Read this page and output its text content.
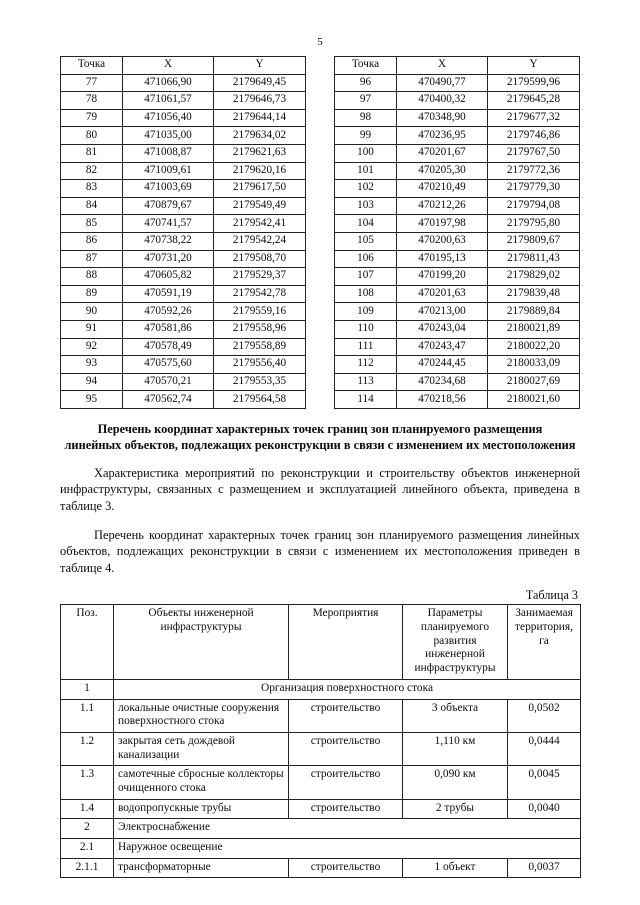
5
Точка	X	Y
77	471066,90	2179649,45
78	471061,57	2179646,73
79	471056,40	2179644,14
80	471035,00	2179634,02
81	471008,87	2179621,63
82	471009,61	2179620,16
83	471003,69	2179617,50
84	470879,67	2179549,49
85	470741,57	2179542,41
86	470738,22	2179542,24
87	470731,20	2179508,70
88	470605,82	2179529,37
89	470591,19	2179542,78
90	470592,26	2179559,16
91	470581,86	2179558,96
92	470578,49	2179558,89
93	470575,60	2179556,40
94	470570,21	2179553,35
95	470562,74	2179564,58
Точка	X	Y
96	470490,77	2179599,96
97	470400,32	2179645,28
98	470348,90	2179677,32
99	470236,95	2179746,86
100	470201,67	2179767,50
101	470205,30	2179772,36
102	470210,49	2179779,30
103	470212,26	2179794,08
104	470197,98	2179795,80
105	470200,63	2179809,67
106	470195,13	2179811,43
107	470199,20	2179829,02
108	470201,63	2179839,48
109	470213,00	2179889,84
110	470243,04	2180021,89
111	470243,47	2180022,20
112	470244,45	2180033,09
113	470234,68	2180027,69
114	470218,56	2180021,60
Перечень координат характерных точек границ зон планируемого размещения
линейных объектов, подлежащих реконструкции в связи с изменением их местоположения

Характеристика мероприятий по реконструкции и строительству объектов инженерной инфраструктуры, связанных с размещением и эксплуатацией линейного объекта, приведена в таблице 3.

Перечень координат характерных точек границ зон планируемого размещения линейных объектов, подлежащих реконструкции в связи с изменением их местоположения приведен в таблице 4.

Таблица 3
Поз.	Объекты инженерной инфраструктуры	Мероприятия	Параметры планируемого развития инженерной инфраструктуры	Занимаемая территория, га
1	Организация поверхностного стока			
1.1	локальные очистные сооружения поверхностного стока	строительство	3 объекта	0,0502
1.2	закрытая сеть дождевой канализации	строительство	1,110 км	0,0444
1.3	самотечные сбросные коллекторы очищенного стока	строительство	0,090 км	0,0045
1.4	водопропускные трубы	строительство	2 трубы	0,0040
2	Электроснабжение			
2.1	Наружное освещение			
2.1.1	трансформаторные	строительство	1 объект	0,0037
